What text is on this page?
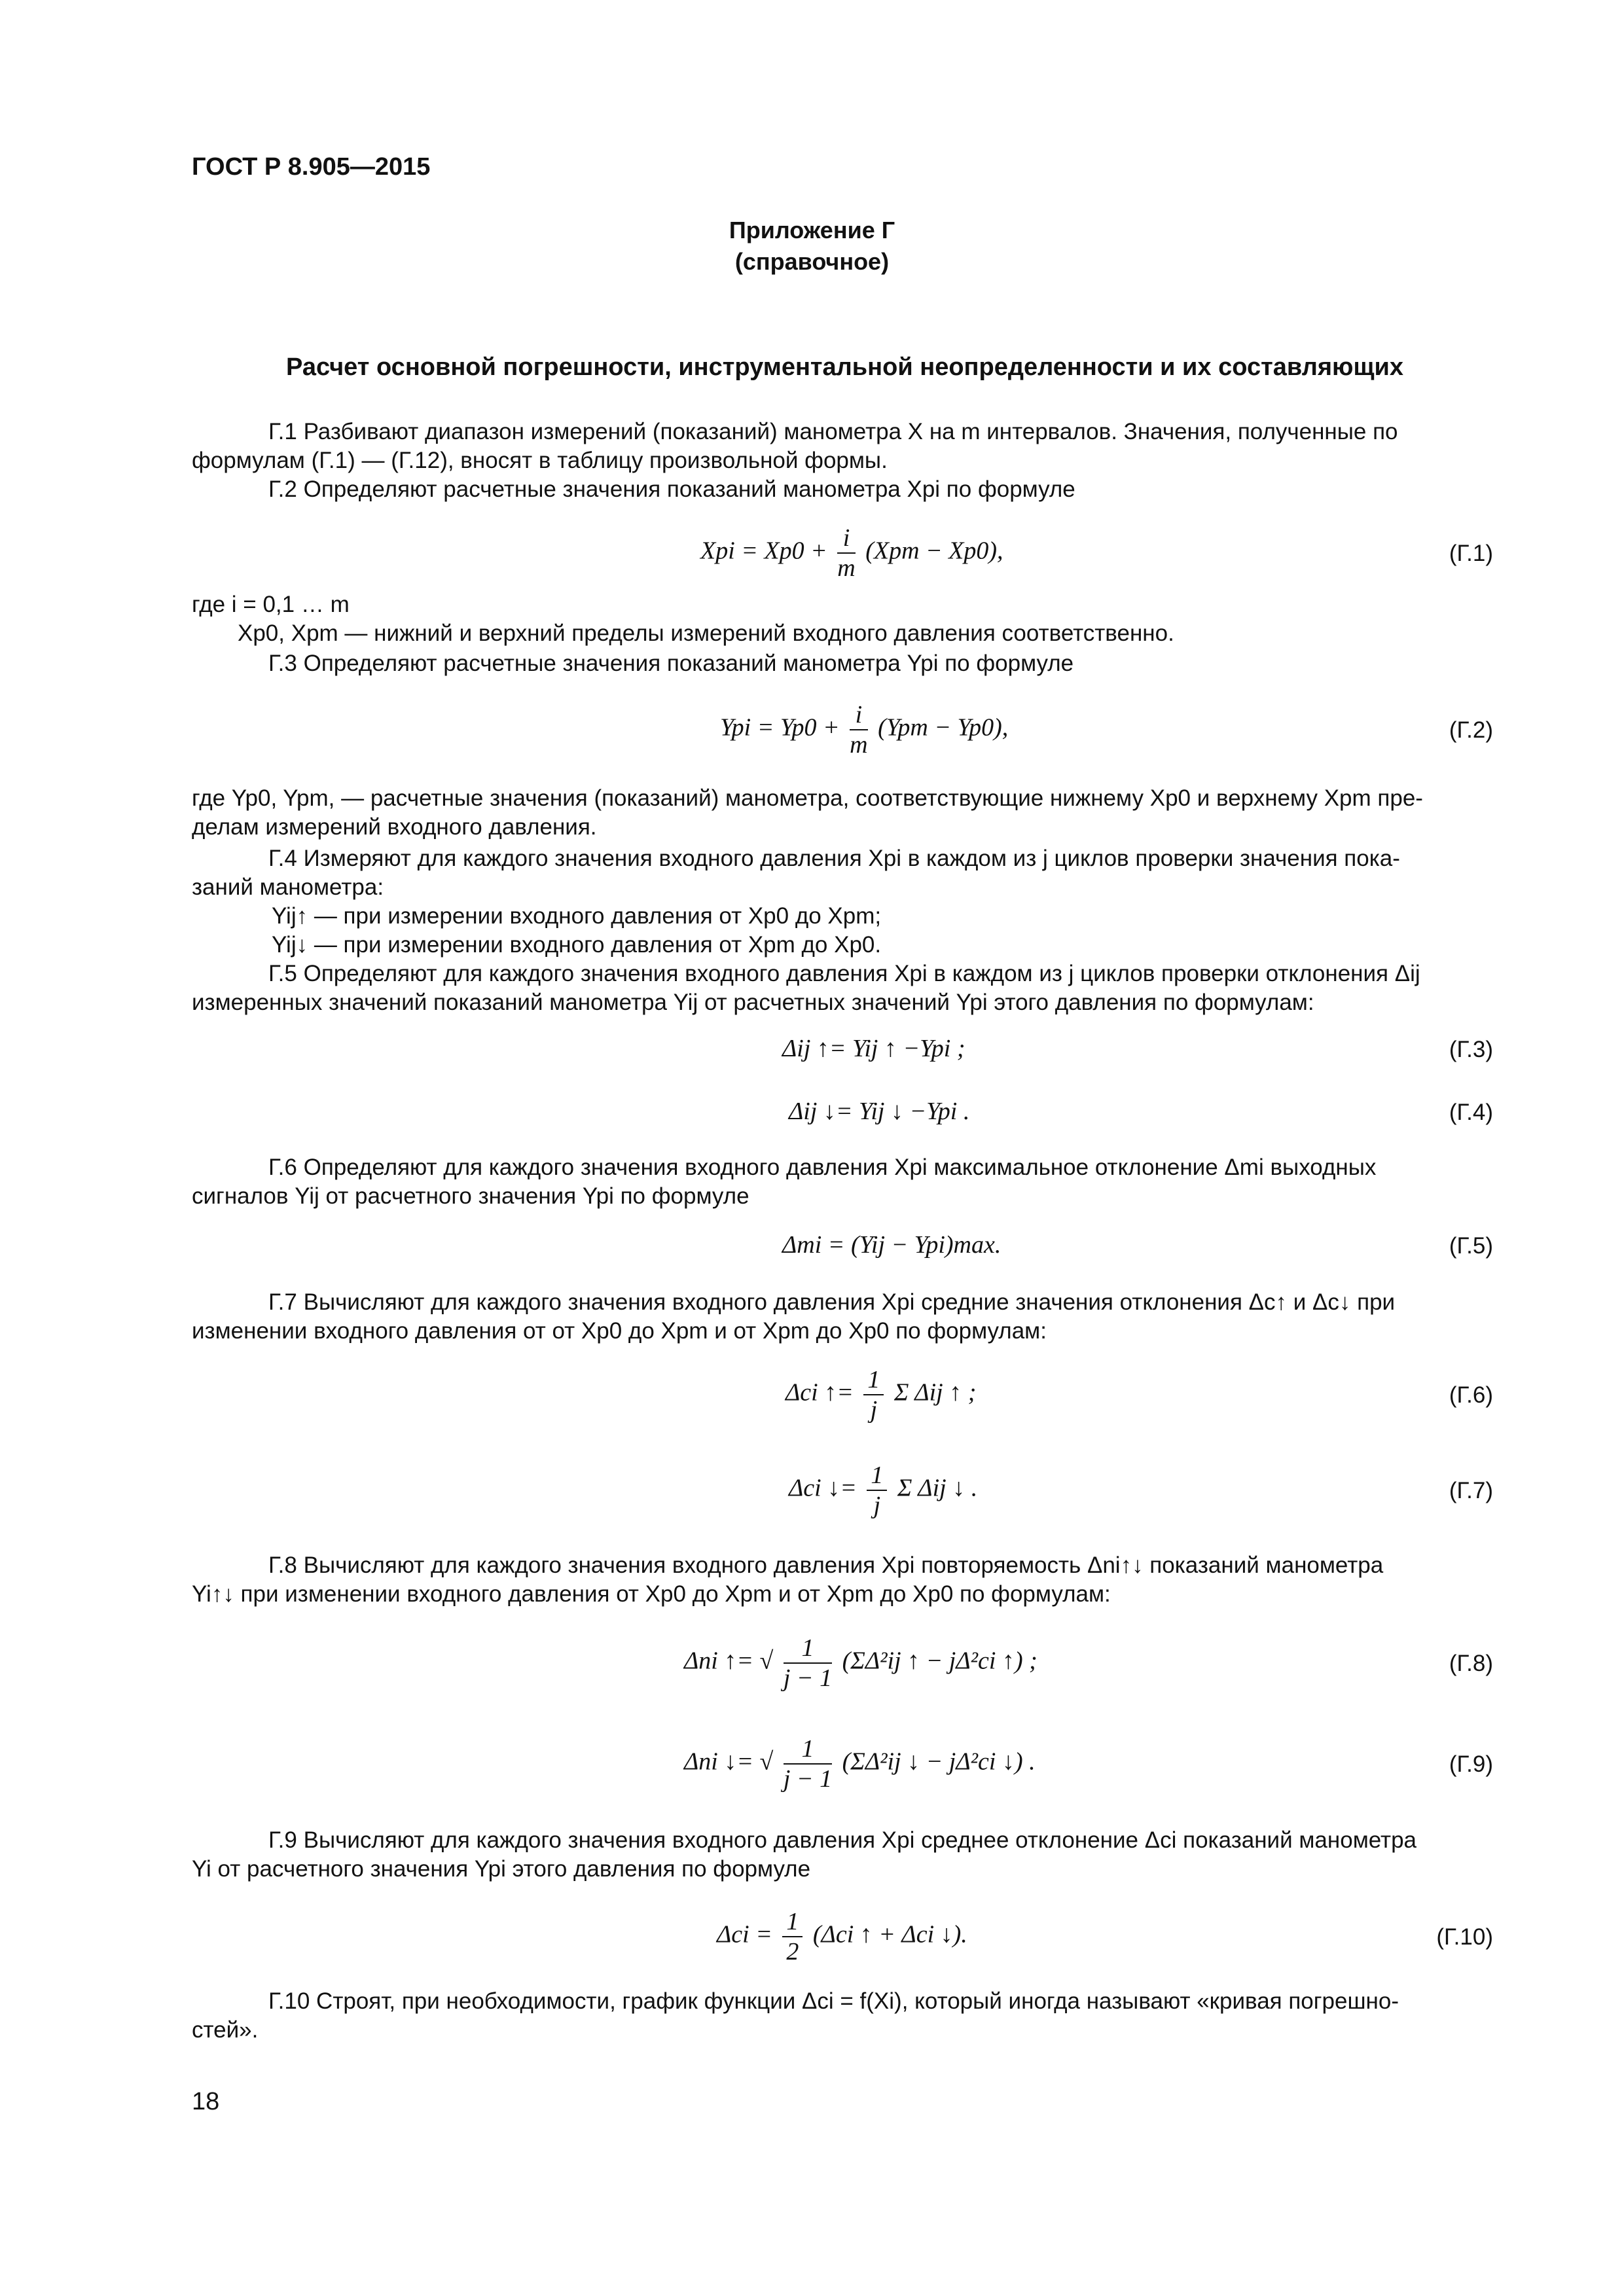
ГОСТ Р 8.905—2015
Приложение Г
(справочное)
Расчет основной погрешности, инструментальной неопределенности и их составляющих
Г.1 Разбивают диапазон измерений (показаний) манометра X на m интервалов. Значения, полученные по
формулам (Г.1) — (Г.12), вносят в таблицу произвольной формы.
Г.2 Определяют расчетные значения показаний манометра Xpi по формуле
Xpi = $Xp0 + \frac{i}{m} (Xpm - Xp0)$,	(Г.1)
где i = 0,1 … m
Xp0, Xpm — нижний и верхний пределы измерений входного давления соответственно.
Г.3 Определяют расчетные значения показаний манометра Ypi по формуле
Ypi = $Yp0 + \frac{i}{m} (Ypm - Yp0)$,	(Г.2)
где Yp0, Ypm, — расчетные значения (показаний) манометра, соответствующие нижнему Xp0 и верхнему Xpm пре-
делам измерений входного давления.
Г.4 Измеряют для каждого значения входного давления Xpi в каждом из j циклов проверки значения пока-
заний манометра:
Yij↑ — при измерении входного давления от Xp0 до Xpm;
Yij↓ — при измерении входного давления от Xpm до Xp0.
Г.5 Определяют для каждого значения входного давления Xpi в каждом из j циклов проверки отклонения Δij
измеренных значений показаний манометра Yij от расчетных значений Ypi этого давления по формулам:
Δij ↑= Yij ↑ −Ypi ;	(Г.3)
Δij ↓= Yij ↓ −Ypi .	(Г.4)
Г.6 Определяют для каждого значения входного давления Xpi максимальное отклонение Δmi выходных
сигналов Yij от расчетного значения Ypi по формуле
Δmi = (Yij − Ypi)max.	(Г.5)
Г.7 Вычисляют для каждого значения входного давления Xpi средние значения отклонения Δc↑ и Δc↓ при
изменении входного давления от от Xp0 до Xpm и от Xpm до Xp0 по формулам:
Δci ↑= $\frac{1}{j}$ Σ Δij ↑ ;	(Г.6)
Δci ↓= $\frac{1}{j}$ Σ Δij ↓ .	(Г.7)
Г.8 Вычисляют для каждого значения входного давления Xpi повторяемость Δni↑↓ показаний манометра
Yi↑↓ при изменении входного давления от Xp0 до Xpm и от Xpm до Xp0 по формулам:
Δni ↑= √ $\frac{1}{j - 1} (\Sigma\Delta^2ij$ ↑ − jΔ²ci ↑) ;	(Г.8)
Δni ↓= √ $\frac{1}{j - 1} (\Sigma\Delta^2ij$ ↓ − jΔ²ci ↓) .	(Г.9)
Г.9 Вычисляют для каждого значения входного давления Xpi среднее отклонение Δci показаний манометра
Yi от расчетного значения Ypi этого давления по формуле
$\Delta ci = \frac{1}{2} (\Delta ci$ ↑ + Δci ↓).	(Г.10)
Г.10 Строят, при необходимости, график функции Δci = f(Xi), который иногда называют «кривая погрешно-
стей».
18
